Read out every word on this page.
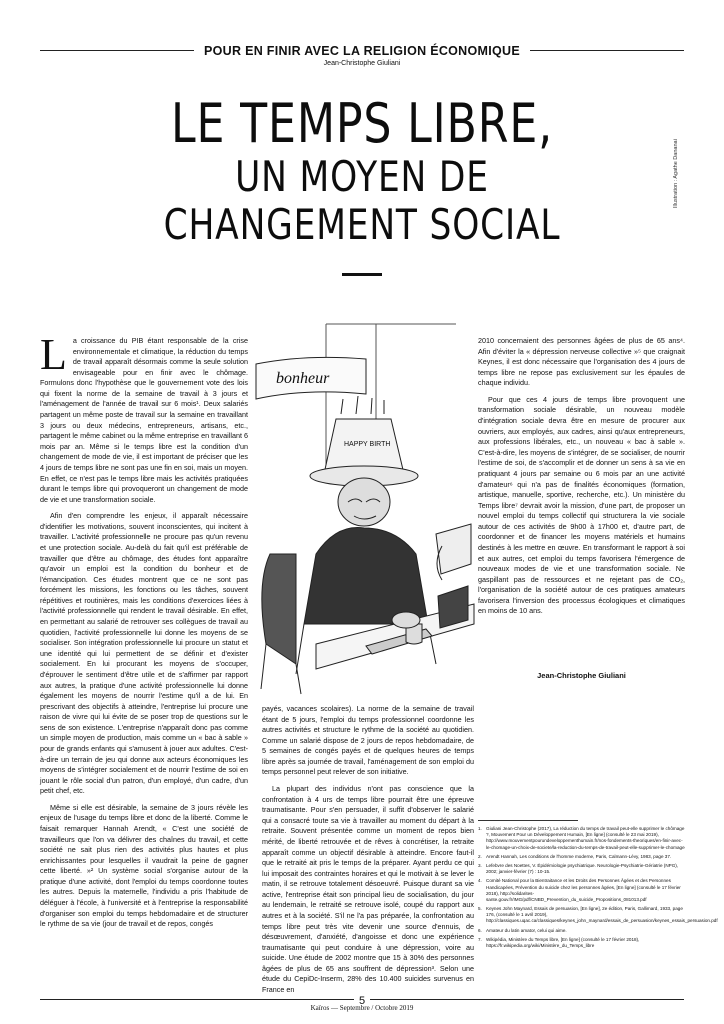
POUR EN FINIR AVEC LA RELIGION ÉCONOMIQUE
Jean-Christophe Giuliani
LE TEMPS LIBRE,
UN MOYEN DE
CHANGEMENT SOCIAL
Illustration : Agathe Dananai

La croissance du PIB étant responsable de la crise environnementale et climatique, la réduction du temps de travail apparaît désormais comme la seule solution envisageable pour en finir avec le chômage. Formulons donc l'hypothèse que le gouvernement vote des lois qui fixent la norme de la semaine de travail à 3 jours et l'aménagement de l'année de travail sur 6 mois¹. Deux salariés partagent un même poste de travail sur la semaine en travaillant 3 jours ou deux médecins, entrepreneurs, artisans, etc., partagent le même cabinet ou la même entreprise en travaillant 6 mois par an. Même si le temps libre est la condition d'un changement de mode de vie, il est important de préciser que les 4 jours de temps libre ne sont pas une fin en soi, mais un moyen. En effet, ce n'est pas le temps libre mais les activités pratiquées durant le temps libre qui provoqueront un changement de mode de vie et une transformation sociale.

Afin d'en comprendre les enjeux, il apparaît nécessaire d'identifier les motivations, souvent inconscientes, qui incitent à travailler. L'activité professionnelle ne procure pas qu'un revenu et une protection sociale. Au-delà du fait qu'il est préférable de travailler que d'être au chômage, des études font apparaître qu'avoir un emploi est la condition du bonheur et de l'émancipation. Ces études montrent que ce ne sont pas forcément les missions, les fonctions ou les tâches, souvent répétitives et routinières, mais les conditions d'exercices liées à l'activité professionnelle qui rendent le travail désirable. En effet, en permettant au salarié de retrouver ses collègues de travail au quotidien, l'activité professionnelle lui donne les moyens de se socialiser. Son intégration professionnelle lui procure un statut et une identité qui lui permettent de se définir et d'exister socialement. En lui procurant les moyens de s'occuper, d'éprouver le sentiment d'être utile et de s'affirmer par rapport aux autres, la pratique d'une activité professionnelle lui donne également les moyens de nourrir l'estime qu'il a de lui. En prescrivant des objectifs à atteindre, l'entreprise lui procure une raison de vivre qui lui évite de se poser trop de questions sur le sens de son existence. L'entreprise n'apparaît donc pas comme un simple moyen de production, mais comme un « bac à sable » pour de grands enfants qui s'amusent à jouer aux adultes. C'est-à-dire un terrain de jeu qui donne aux acteurs économiques les moyens de s'intégrer socialement et de nourrir l'estime de soi en jouant le rôle social d'un patron, d'un employé, d'un cadre, d'un petit chef, etc.

Même si elle est désirable, la semaine de 3 jours révèle les enjeux de l'usage du temps libre et donc de la liberté. Comme le faisait remarquer Hannah Arendt, « C'est une société de travailleurs que l'on va délivrer des chaînes du travail, et cette société ne sait plus rien des activités plus hautes et plus enrichissantes pour lesquelles il vaudrait la peine de gagner cette liberté. »² Un système social s'organise autour de la pratique d'une activité, dont l'emploi du temps coordonne toutes les autres. Depuis la maternelle, l'individu a pris l'habitude de déléguer à l'école, à l'université et à l'entreprise la responsabilité d'organiser son emploi du temps hebdomadaire et de structurer le rythme de sa vie (jour de travail et de repos, congés

bonheur
HAPPY BIRTH

payés, vacances scolaires). La norme de la semaine de travail étant de 5 jours, l'emploi du temps professionnel coordonne les autres activités et structure le rythme de la société au quotidien. Comme un salarié dispose de 2 jours de repos hebdomadaire, de 5 semaines de congés payés et de quelques heures de temps libre après sa journée de travail, l'aménagement de son emploi du temps personnel peut relever de son initiative.

La plupart des individus n'ont pas conscience que la confrontation à 4 urs de temps libre pourrait être une épreuve traumatisante. Pour s'en persuader, il suffit d'observer le salarié qui a consacré toute sa vie à travailler au moment du départ à la retraite. Souvent présentée comme un moment de repos bien mérité, de liberté retrouvée et de rêves à concrétiser, la retraite apparaît comme un objectif désirable à atteindre. Encore faut-il que le retraité ait pris le temps de la préparer. Ayant perdu ce qui lui imposait des contraintes horaires et qui le motivait à se lever le matin, il se retrouve totalement désoeuvré. Puisque durant sa vie active, l'entreprise était son principal lieu de socialisation, du jour au lendemain, le retraité se retrouve isolé, coupé du rapport aux autres et à la société. S'il ne l'a pas préparée, la confrontation au temps libre peut très vite devenir une source d'ennuis, de désœuvrement, d'anxiété, d'angoisse et donc une expérience traumatisante qui peut conduire à une dépression, voire au suicide. Une étude de 2002 montre que 15 à 30% des personnes âgées de plus de 65 ans souffrent de dépression³. Selon une étude du CepiDc-Inserm, 28% des 10.400 suicides survenus en France en

2010 concernaient des personnes âgées de plus de 65 ans⁴. Afin d'éviter la « dépression nerveuse collective »⁵ que craignait Keynes, il est donc nécessaire que l'organisation des 4 jours de temps libre ne repose pas exclusivement sur les épaules de chaque individu.

Pour que ces 4 jours de temps libre provoquent une transformation sociale désirable, un nouveau modèle d'intégration sociale devra être en mesure de procurer aux ouvriers, aux employés, aux cadres, ainsi qu'aux entrepreneurs, aux professions libérales, etc., un nouveau « bac à sable ». C'est-à-dire, les moyens de s'intégrer, de se socialiser, de nourrir l'estime de soi, de s'accomplir et de donner un sens à sa vie en pratiquant 4 jours par semaine ou 6 mois par an une activité d'amateur⁶ qui n'a pas de finalités économiques (formation, artistique, manuelle, sportive, recherche, etc.). Un ministère du Temps libre⁷ devrait avoir la mission, d'une part, de proposer un nouvel emploi du temps collectif qui structurera la vie sociale autour de ces activités de 9h00 à 17h00 et, d'autre part, de coordonner et de financer les moyens matériels et humains destinés à les mettre en œuvre. En transformant le rapport à soi et aux autres, cet emploi du temps favorisera l'émergence de nouveaux modes de vie et une transformation sociale. Ne gaspillant pas de ressources et ne rejetant pas de CO₂, l'organisation de la société autour de ces pratiques amateurs favorisera l'inversion des processus écologiques et climatiques en moins de 10 ans.

Jean-Christophe Giuliani
1. Giuliani Jean-Christophe (2017), La réduction du temps de travail peut-elle supprimer le chômage ?, Mouvement Pour un Développement Humain, [En ligne] (consulté le 23 mai 2019), http://www.mouvementpourundeveloppementhumain.fr/nos-fondements-theoriques/en-finir-avec-le-chomage-un-choix-de-societe/la-reduction-du-temps-de-travail-peut-elle-supprimer-le-chomage
2. Arendt Hannah, Les conditions de l'homme moderne, Paris, Calmann-Lévy, 1983, page 37.
3. Lefebvre des Noettes, V. Épidémiologie psychiatrique. Neurologie-Psychiatrie-Gériatrie (NPG), 2002; janvier-février (7) : 10-15.
4. Comité National pour la Bientraitance et les Droits des Personnes Âgées et des Personnes Handicapées, Prévention du suicide chez les personnes âgées, [En ligne] (consulté le 17 février 2018), http://solidarites-sante.gouv.fr/IMG/pdf/CNBD_Prevention_du_suicide_Propositions_081013.pdf
5. Keynes John Maynard, Essais de persuasion, [En ligne], 2e édition, Paris, Gallimard, 1933, page 176, (consulté le 1 avril 2019), http://classiques.uqac.ca/classiques/keynes_john_maynard/essais_de_persuasion/keynes_essais_persuasion.pdf
6. Amateur du latin amator, celui qui aime.
7. Wikipédia, Ministère du Temps libre, [En ligne] (consulté le 17 février 2018), https://fr.wikipedia.org/wiki/Ministère_du_Temps_libre
5
Kaïros — Septembre / Octobre 2019
